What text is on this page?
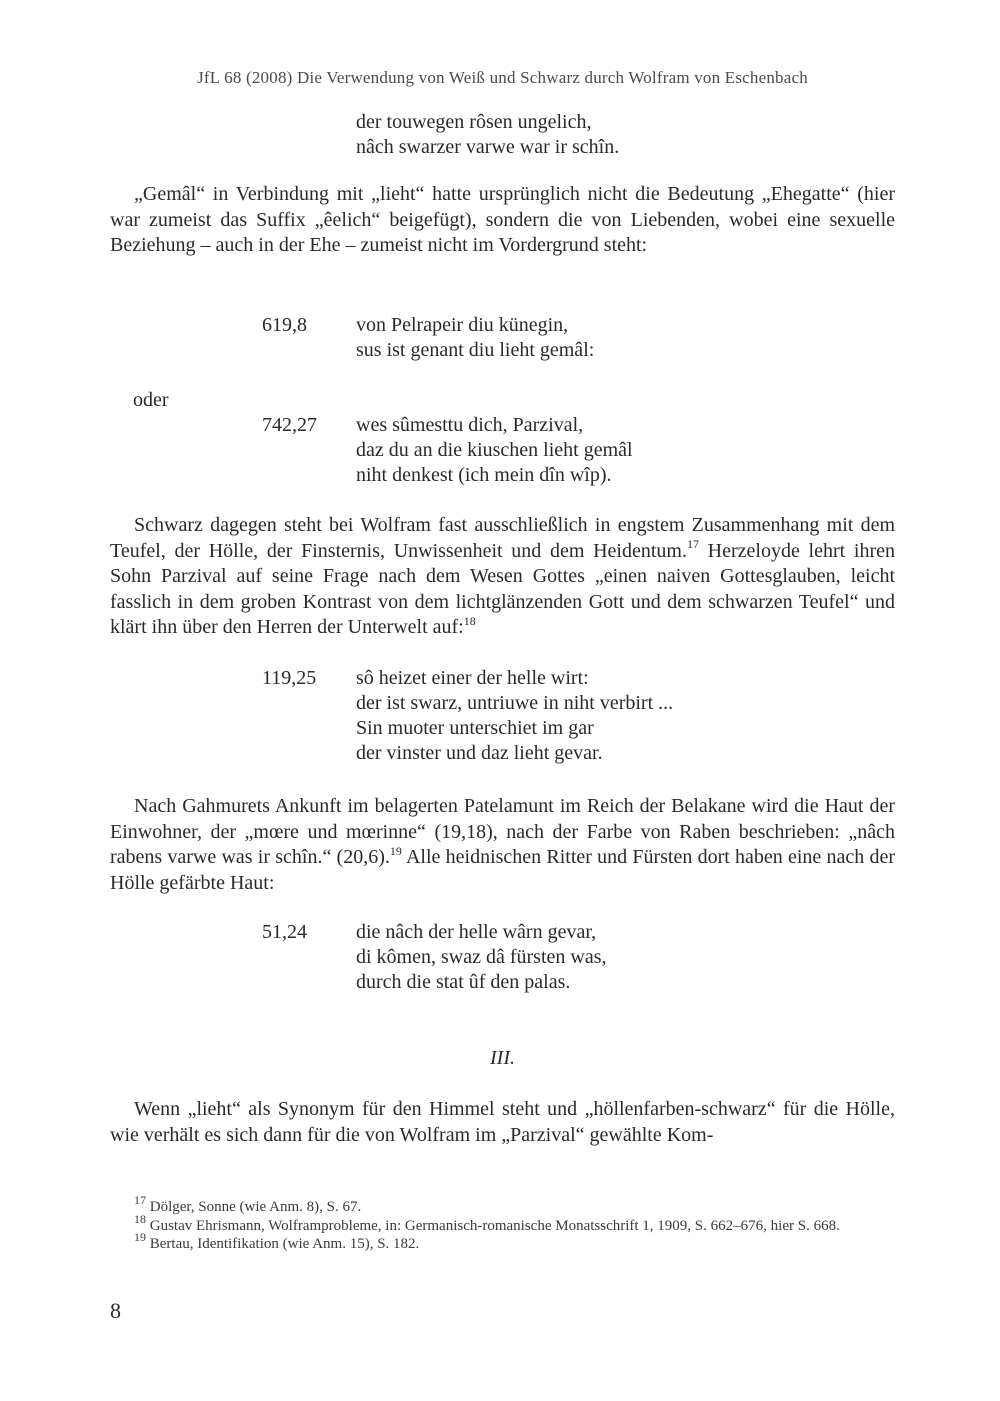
JfL 68 (2008) Die Verwendung von Weiß und Schwarz durch Wolfram von Eschenbach
der touwegen rôsen ungelich,
nâch swarzer varwe war ir schîn.

„Gemâl“ in Verbindung mit „lieht“ hatte ursprünglich nicht die Bedeutung „Ehegatte“ (hier war zumeist das Suffix „êelich“ beigefügt), sondern die von Liebenden, wobei eine sexuelle Beziehung – auch in der Ehe – zumeist nicht im Vordergrund steht:

619,8 von Pelrapeir diu künegin,
sus ist genant diu lieht gemâl:
oder
742,27 wes sûmesttu dich, Parzival,
daz du an die kiuschen lieht gemâl
niht denkest (ich mein dîn wîp).

Schwarz dagegen steht bei Wolfram fast ausschließlich in engstem Zusammenhang mit dem Teufel, der Hölle, der Finsternis, Unwissenheit und dem Heidentum.$^{17}$ Herzeloyde lehrt ihren Sohn Parzival auf seine Frage nach dem Wesen Gottes „einen naiven Gottesglauben, leicht fasslich in dem groben Kontrast von dem lichtglänzenden Gott und dem schwarzen Teufel“ und klärt ihn über den Herren der Unterwelt auf:$^{18}$

119,25 sô heizet einer der helle wirt:
der ist swarz, untriuwe in niht verbirt ...
Sin muoter unterschiet im gar
der vinster und daz lieht gevar.

Nach Gahmurets Ankunft im belagerten Patelamunt im Reich der Belakane wird die Haut der Einwohner, der „mœre und mœrinne“ (19,18), nach der Farbe von Raben beschrieben: „nâch rabens varwe was ir schîn.“ (20,6).$^{19}$ Alle heidnischen Ritter und Fürsten dort haben eine nach der Hölle gefärbte Haut:

51,24 die nâch der helle wârn gevar,
di kômen, swaz dâ fürsten was,
durch die stat ûf den palas.
III.

Wenn „lieht“ als Synonym für den Himmel steht und „höllenfarben-schwarz“ für die Hölle, wie verhält es sich dann für die von Wolfram im „Parzival“ gewählte Kom-

$^{17}$ Dölger, Sonne (wie Anm. 8), S. 67.

$^{18}$ Gustav Ehrismann, Wolframprobleme, in: Germanisch-romanische Monatsschrift 1, 1909, S. 662–676, hier S. 668.

$^{19}$ Bertau, Identifikation (wie Anm. 15), S. 182.

8
